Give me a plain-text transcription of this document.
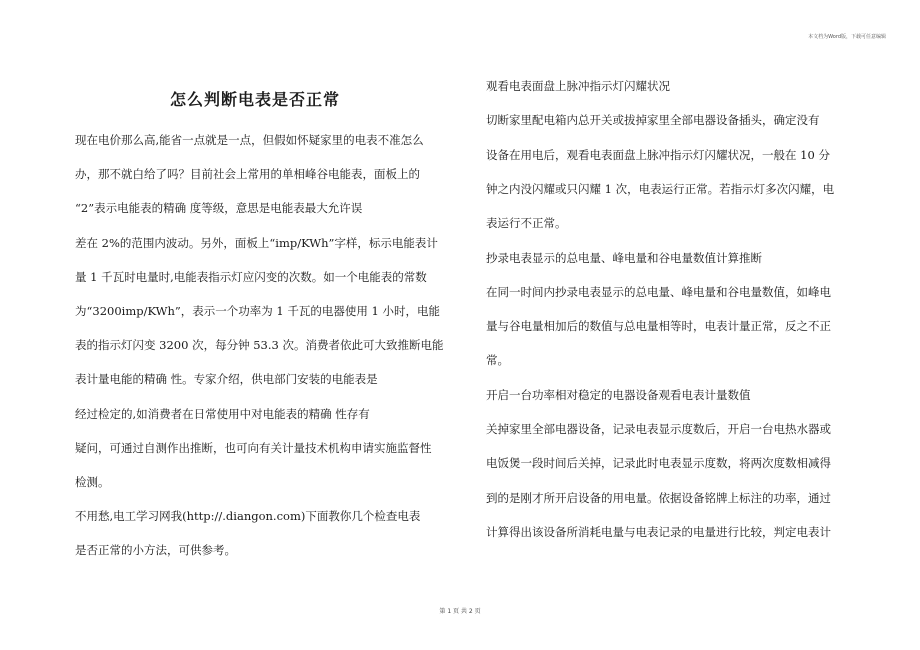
本文档为Word版，下载可任意编辑
怎么判断电表是否正常
现在电价那么高,能省一点就是一点，但假如怀疑家里的电表不准怎么
办，那不就白给了吗？目前社会上常用的单相峰谷电能表，面板上的
“2”表示电能表的精确 度等级，意思是电能表最大允许误
差在 2%的范围内波动。另外，面板上“imp/KWh”字样，标示电能表计
量 1 千瓦时电量时,电能表指示灯应闪变的次数。如一个电能表的常数
为“3200imp/KWh”，表示一个功率为 1 千瓦的电器使用 1 小时，电能
表的指示灯闪变 3200 次，每分钟 53.3 次。消费者依此可大致推断电能
表计量电能的精确 性。专家介绍，供电部门安装的电能表是
经过检定的,如消费者在日常使用中对电能表的精确 性存有
疑问，可通过自测作出推断，也可向有关计量技术机构申请实施监督性
检测。
不用愁,电工学习网我(http://.diangon.com)下面教你几个检查电表
是否正常的小方法，可供参考。
观看电表面盘上脉冲指示灯闪耀状况
切断家里配电箱内总开关或拔掉家里全部电器设备插头，确定没有
设备在用电后，观看电表面盘上脉冲指示灯闪耀状况，一般在 10 分
钟之内没闪耀或只闪耀 1 次，电表运行正常。若指示灯多次闪耀，电
表运行不正常。
抄录电表显示的总电量、峰电量和谷电量数值计算推断
在同一时间内抄录电表显示的总电量、峰电量和谷电量数值，如峰电
量与谷电量相加后的数值与总电量相等时，电表计量正常，反之不正
常。
开启一台功率相对稳定的电器设备观看电表计量数值
关掉家里全部电器设备，记录电表显示度数后，开启一台电热水器或
电饭煲一段时间后关掉，记录此时电表显示度数，将两次度数相减得
到的是刚才所开启设备的用电量。依据设备铭牌上标注的功率，通过
计算得出该设备所消耗电量与电表记录的电量进行比较，判定电表计
第 1 页 共 2 页
